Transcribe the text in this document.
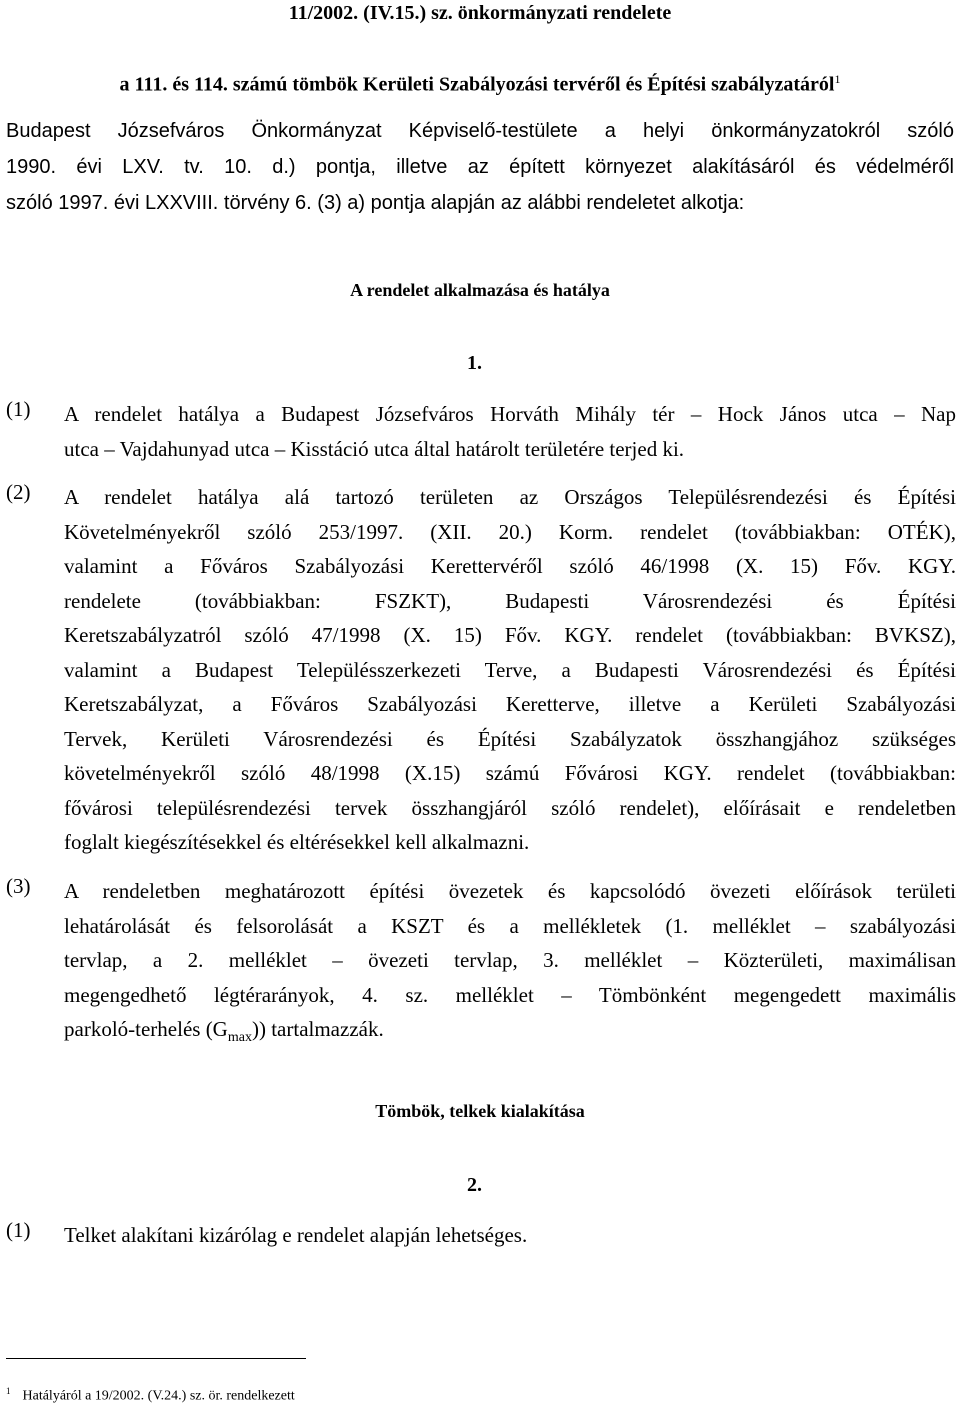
11/2002. (IV.15.) sz. önkormányzati rendelete
a 111. és 114. számú tömbök Kerületi Szabályozási tervéről és Építési szabályzatáról$^1$
Budapest Józsefváros Önkormányzat Képviselő-testülete a helyi önkormányzatokról szóló
1990. évi LXV. tv. 10. d.) pontja, illetve az épített környezet alakításáról és védelméről
szóló 1997. évi LXXVIII. törvény 6. (3) a) pontja alapján az alábbi rendeletet alkotja:
A rendelet alkalmazása és hatálya
1.
(1) A rendelet hatálya a Budapest Józsefváros Horváth Mihály tér – Hock János utca – Nap
utca – Vajdahunyad utca – Kisstáció utca által határolt területére terjed ki.
(2) A rendelet hatálya alá tartozó területen az Országos Településrendezési és Építési
Követelményekről szóló 253/1997. (XII. 20.) Korm. rendelet (továbbiakban: OTÉK),
valamint a Főváros Szabályozási Kerettervéről szóló 46/1998 (X. 15) Főv. KGY.
rendelete (továbbiakban: FSZKT), Budapesti Városrendezési és Építési
Keretszabályzatról szóló 47/1998 (X. 15) Főv. KGY. rendelet (továbbiakban: BVKSZ),
valamint a Budapest Településszerkezeti Terve, a Budapesti Városrendezési és Építési
Keretszabályzat, a Főváros Szabályozási Keretterve, illetve a Kerületi Szabályozási
Tervek, Kerületi Városrendezési és Építési Szabályzatok összhangjához szükséges
követelményekről szóló 48/1998 (X.15) számú Fővárosi KGY. rendelet (továbbiakban:
fővárosi településrendezési tervek összhangjáról szóló rendelet), előírásait e rendeletben
foglalt kiegészítésekkel és eltérésekkel kell alkalmazni.
(3) A rendeletben meghatározott építési övezetek és kapcsolódó övezeti előírások területi
lehatárolását és felsorolását a KSZT és a mellékletek (1. melléklet – szabályozási
tervlap, a 2. melléklet – övezeti tervlap, 3. melléklet – Közterületi, maximálisan
megengedhető légtérarányok, 4. sz. melléklet – Tömbönként megengedett maximális
parkoló-terhelés $(G_{max})$) tartalmazzák.
Tömbök, telkek kialakítása
2.
(1) Telket alakítani kizárólag e rendelet alapján lehetséges.
$^1$ Hatályáról a 19/2002. (V.24.) sz. ör. rendelkezett
